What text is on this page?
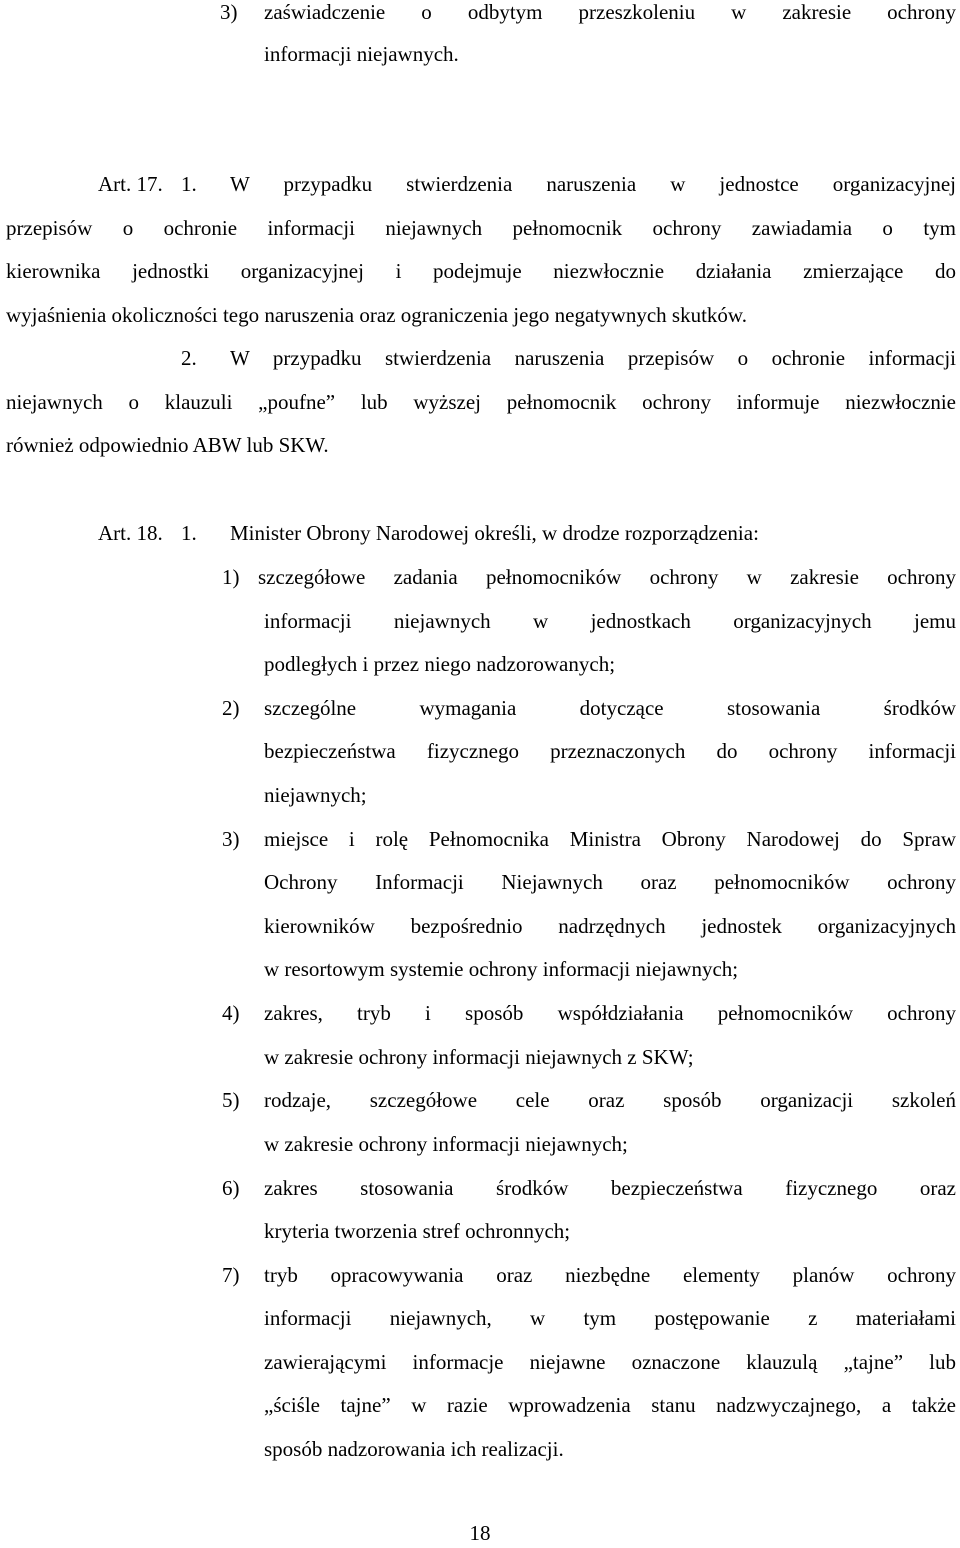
3) zaświadczenie o odbytym przeszkoleniu w zakresie ochrony
informacji niejawnych.
Art. 17. 1. W przypadku stwierdzenia naruszenia w jednostce organizacyjnej
przepisów o ochronie informacji niejawnych pełnomocnik ochrony zawiadamia o tym
kierownika jednostki organizacyjnej i podejmuje niezwłocznie działania zmierzające do
wyjaśnienia okoliczności tego naruszenia oraz ograniczenia jego negatywnych skutków.
2. W przypadku stwierdzenia naruszenia przepisów o ochronie informacji
niejawnych o klauzuli „poufne” lub wyższej pełnomocnik ochrony informuje niezwłocznie
również odpowiednio ABW lub SKW.
Art. 18. 1. Minister Obrony Narodowej określi, w drodze rozporządzenia:
1) szczegółowe zadania pełnomocników ochrony w zakresie ochrony
informacji niejawnych w jednostkach organizacyjnych jemu
podległych i przez niego nadzorowanych;
2) szczególne wymagania dotyczące stosowania środków
bezpieczeństwa fizycznego przeznaczonych do ochrony informacji
niejawnych;
3) miejsce i rolę Pełnomocnika Ministra Obrony Narodowej do Spraw
Ochrony Informacji Niejawnych oraz pełnomocników ochrony
kierowników bezpośrednio nadrzędnych jednostek organizacyjnych
w resortowym systemie ochrony informacji niejawnych;
4) zakres, tryb i sposób współdziałania pełnomocników ochrony
w zakresie ochrony informacji niejawnych z SKW;
5) rodzaje, szczegółowe cele oraz sposób organizacji szkoleń
w zakresie ochrony informacji niejawnych;
6) zakres stosowania środków bezpieczeństwa fizycznego oraz
kryteria tworzenia stref ochronnych;
7) tryb opracowywania oraz niezbędne elementy planów ochrony
informacji niejawnych, w tym postępowanie z materiałami
zawierającymi informacje niejawne oznaczone klauzulą „tajne” lub
„ściśle tajne” w razie wprowadzenia stanu nadzwyczajnego, a także
sposób nadzorowania ich realizacji.
18
